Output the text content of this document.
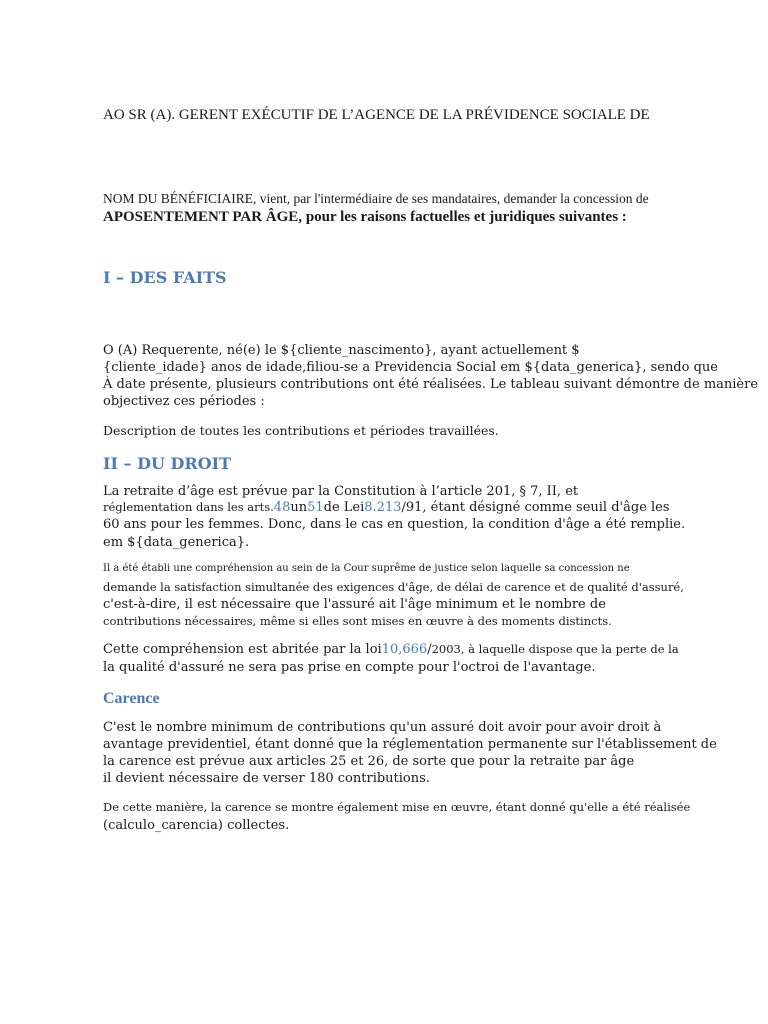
AO SR (A). GERENT EXÉCUTIF DE L’AGENCE DE LA PRÉVIDENCE SOCIALE DE
NOM DU BÉNÉFICIAIRE, vient, par l'intermédiaire de ses mandataires, demander la concession de
APOSENTEMENT PAR ÂGE, pour les raisons factuelles et juridiques suivantes :
I – DES FAITS
O (A) Requerente, né(e) le ${cliente_nascimento}, ayant actuellement $
{cliente_idade} anos de idade,filiou-se a Previdencia Social em ${data_generica}, sendo que
À date présente, plusieurs contributions ont été réalisées. Le tableau suivant démontre de manière
objectivez ces périodes :
Description de toutes les contributions et périodes travaillées.
II – DU DROIT
La retraite d’âge est prévue par la Constitution à l’article 201, § 7, II, et
réglementation dans les arts.48un51de Lei8.213/91, étant désigné comme seuil d'âge les
60 ans pour les femmes. Donc, dans le cas en question, la condition d'âge a été remplie.
em ${data_generica}.
Il a été établi une compréhension au sein de la Cour suprême de justice selon laquelle sa concession ne
demande la satisfaction simultanée des exigences d'âge, de délai de carence et de qualité d'assuré,
c'est-à-dire, il est nécessaire que l'assuré ait l'âge minimum et le nombre de
contributions nécessaires, même si elles sont mises en œuvre à des moments distincts.
Cette compréhension est abritée par la loi10,666/2003, à laquelle dispose que la perte de la
la qualité d'assuré ne sera pas prise en compte pour l'octroi de l'avantage.
Carence
C'est le nombre minimum de contributions qu'un assuré doit avoir pour avoir droit à
avantage previdentiel, étant donné que la réglementation permanente sur l'établissement de
la carence est prévue aux articles 25 et 26, de sorte que pour la retraite par âge
il devient nécessaire de verser 180 contributions.
De cette manière, la carence se montre également mise en œuvre, étant donné qu'elle a été réalisée
(calculo_carencia) collectes.
